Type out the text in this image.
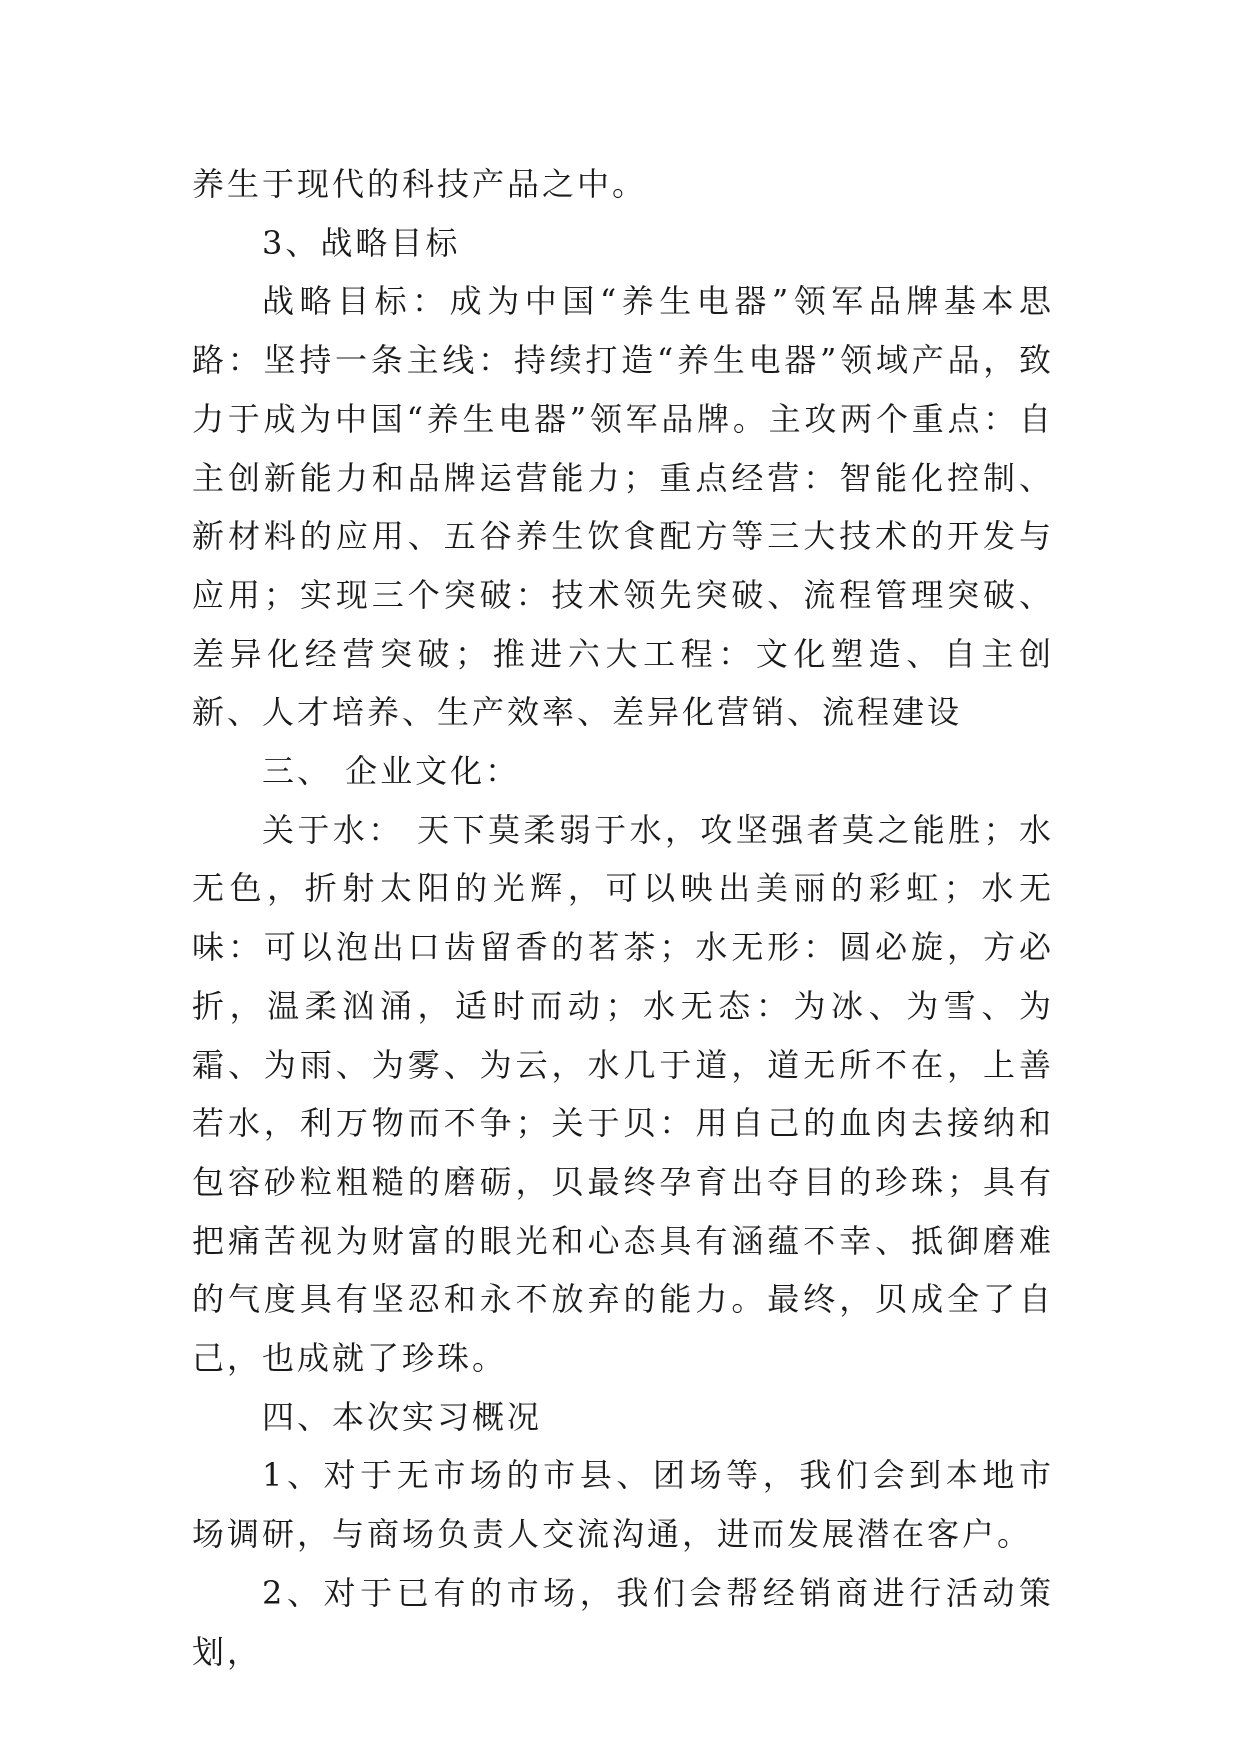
养生于现代的科技产品之中。

3、战略目标

战略目标：成为中国“养生电器”领军品牌基本思路：坚持一条主线：持续打造“养生电器”领域产品，致力于成为中国“养生电器”领军品牌。主攻两个重点：自主创新能力和品牌运营能力；重点经营：智能化控制、新材料的应用、五谷养生饮食配方等三大技术的开发与应用；实现三个突破：技术领先突破、流程管理突破、差异化经营突破；推进六大工程：文化塑造、自主创新、人才培养、生产效率、差异化营销、流程建设

三、 企业文化：

关于水： 天下莫柔弱于水，攻坚强者莫之能胜；水无色，折射太阳的光辉，可以映出美丽的彩虹；水无味：可以泡出口齿留香的茗茶；水无形：圆必旋，方必折，温柔汹涌，适时而动；水无态：为冰、为雪、为霜、为雨、为雾、为云，水几于道，道无所不在，上善若水，利万物而不争；关于贝：用自己的血肉去接纳和包容砂粒粗糙的磨砺，贝最终孕育出夺目的珍珠；具有把痛苦视为财富的眼光和心态具有涵蕴不幸、抵御磨难的气度具有坚忍和永不放弃的能力。最终，贝成全了自己，也成就了珍珠。

四、本次实习概况

1、对于无市场的市县、团场等，我们会到本地市场调研，与商场负责人交流沟通，进而发展潜在客户。

2、对于已有的市场，我们会帮经销商进行活动策划，
